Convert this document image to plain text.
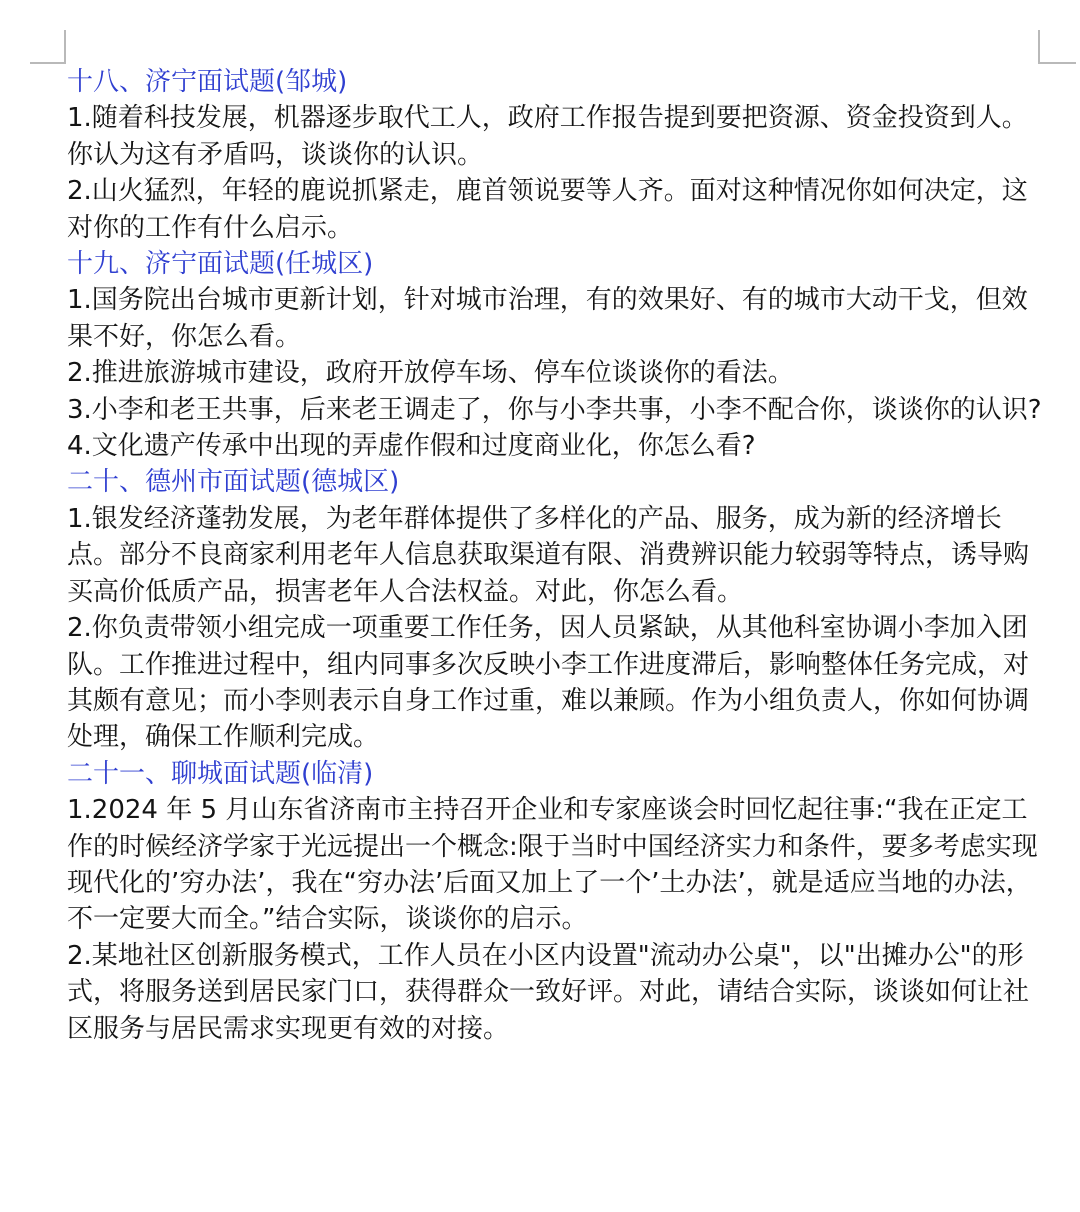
十八、济宁面试题(邹城)
1.随着科技发展，机器逐步取代工人，政府工作报告提到要把资源、资金投资到人。你认为这有矛盾吗，谈谈你的认识。
2.山火猛烈，年轻的鹿说抓紧走，鹿首领说要等人齐。面对这种情况你如何决定，这对你的工作有什么启示。
十九、济宁面试题(任城区)
1.国务院出台城市更新计划，针对城市治理，有的效果好、有的城市大动干戈，但效果不好，你怎么看。
2.推进旅游城市建设，政府开放停车场、停车位谈谈你的看法。
3.小李和老王共事，后来老王调走了，你与小李共事，小李不配合你，谈谈你的认识?
4.文化遗产传承中出现的弄虚作假和过度商业化，你怎么看?
二十、德州市面试题(德城区)
1.银发经济蓬勃发展，为老年群体提供了多样化的产品、服务，成为新的经济增长点。部分不良商家利用老年人信息获取渠道有限、消费辨识能力较弱等特点，诱导购买高价低质产品，损害老年人合法权益。对此，你怎么看。
2.你负责带领小组完成一项重要工作任务，因人员紧缺，从其他科室协调小李加入团队。工作推进过程中，组内同事多次反映小李工作进度滞后，影响整体任务完成，对其颇有意见；而小李则表示自身工作过重，难以兼顾。作为小组负责人，你如何协调处理，确保工作顺利完成。
二十一、聊城面试题(临清)
1.2024 年 5 月山东省济南市主持召开企业和专家座谈会时回忆起往事:“我在正定工作的时候经济学家于光远提出一个概念:限于当时中国经济实力和条件，要多考虑实现现代化的’穷办法’，我在“穷办法’后面又加上了一个’土办法’，就是适应当地的办法，不一定要大而全。”结合实际，谈谈你的启示。
2.某地社区创新服务模式，工作人员在小区内设置"流动办公桌"，以"出摊办公"的形式，将服务送到居民家门口，获得群众一致好评。对此，请结合实际，谈谈如何让社区服务与居民需求实现更有效的对接。
